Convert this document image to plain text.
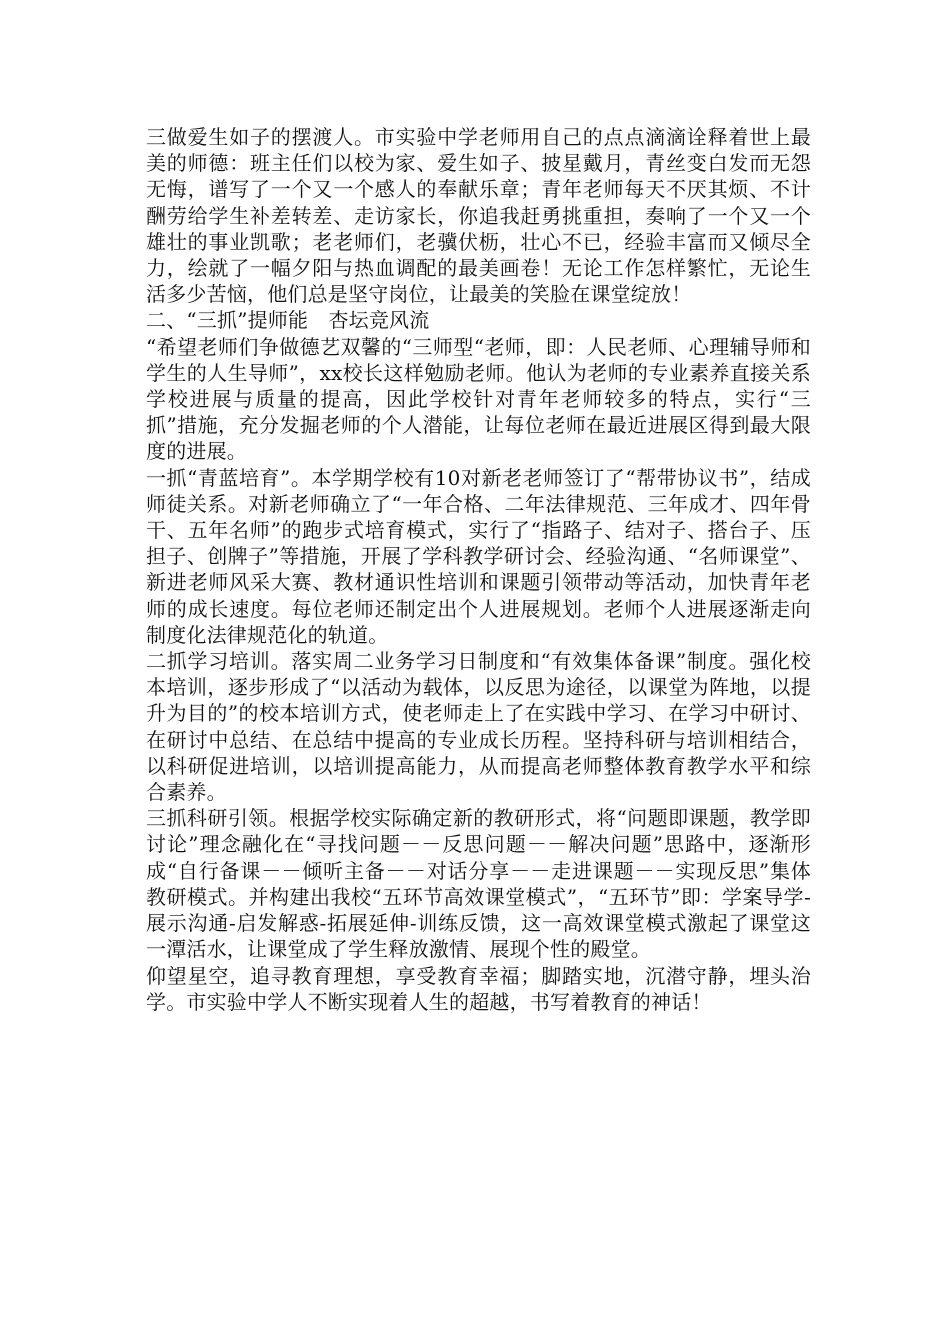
三做爱生如子的摆渡人。市实验中学老师用自己的点点滴滴诠释着世上最美的师德：班主任们以校为家、爱生如子、披星戴月，青丝变白发而无怨无悔，谱写了一个又一个感人的奉献乐章；青年老师每天不厌其烦、不计酬劳给学生补差转差、走访家长，你追我赶勇挑重担，奏响了一个又一个雄壮的事业凯歌；老老师们，老骥伏枥，壮心不已，经验丰富而又倾尽全力，绘就了一幅夕阳与热血调配的最美画卷！无论工作怎样繁忙，无论生活多少苦恼，他们总是坚守岗位，让最美的笑脸在课堂绽放！

二、“三抓”提师能　杏坛竞风流

“希望老师们争做德艺双馨的“三师型“老师，即：人民老师、心理辅导师和学生的人生导师”，xx校长这样勉励老师。他认为老师的专业素养直接关系学校进展与质量的提高，因此学校针对青年老师较多的特点，实行“三抓”措施，充分发掘老师的个人潜能，让每位老师在最近进展区得到最大限度的进展。

一抓“青蓝培育”。本学期学校有10对新老老师签订了“帮带协议书”，结成师徒关系。对新老师确立了“一年合格、二年法律规范、三年成才、四年骨干、五年名师”的跑步式培育模式，实行了“指路子、结对子、搭台子、压担子、创牌子”等措施，开展了学科教学研讨会、经验沟通、“名师课堂”、新进老师风采大赛、教材通识性培训和课题引领带动等活动，加快青年老师的成长速度。每位老师还制定出个人进展规划。老师个人进展逐渐走向制度化法律规范化的轨道。

二抓学习培训。落实周二业务学习日制度和“有效集体备课”制度。强化校本培训，逐步形成了“以活动为载体，以反思为途径，以课堂为阵地，以提升为目的”的校本培训方式，使老师走上了在实践中学习、在学习中研讨、在研讨中总结、在总结中提高的专业成长历程。坚持科研与培训相结合，以科研促进培训，以培训提高能力，从而提高老师整体教育教学水平和综合素养。

三抓科研引领。根据学校实际确定新的教研形式，将“问题即课题，教学即讨论”理念融化在“寻找问题－－反思问题－－解决问题”思路中，逐渐形成“自行备课－－倾听主备－－对话分享－－走进课题－－实现反思”集体教研模式。并构建出我校“五环节高效课堂模式”，“五环节”即：学案导学-展示沟通-启发解惑-拓展延伸-训练反馈，这一高效课堂模式激起了课堂这一潭活水，让课堂成了学生释放激情、展现个性的殿堂。

仰望星空，追寻教育理想，享受教育幸福；脚踏实地，沉潜守静，埋头治学。市实验中学人不断实现着人生的超越，书写着教育的神话！
